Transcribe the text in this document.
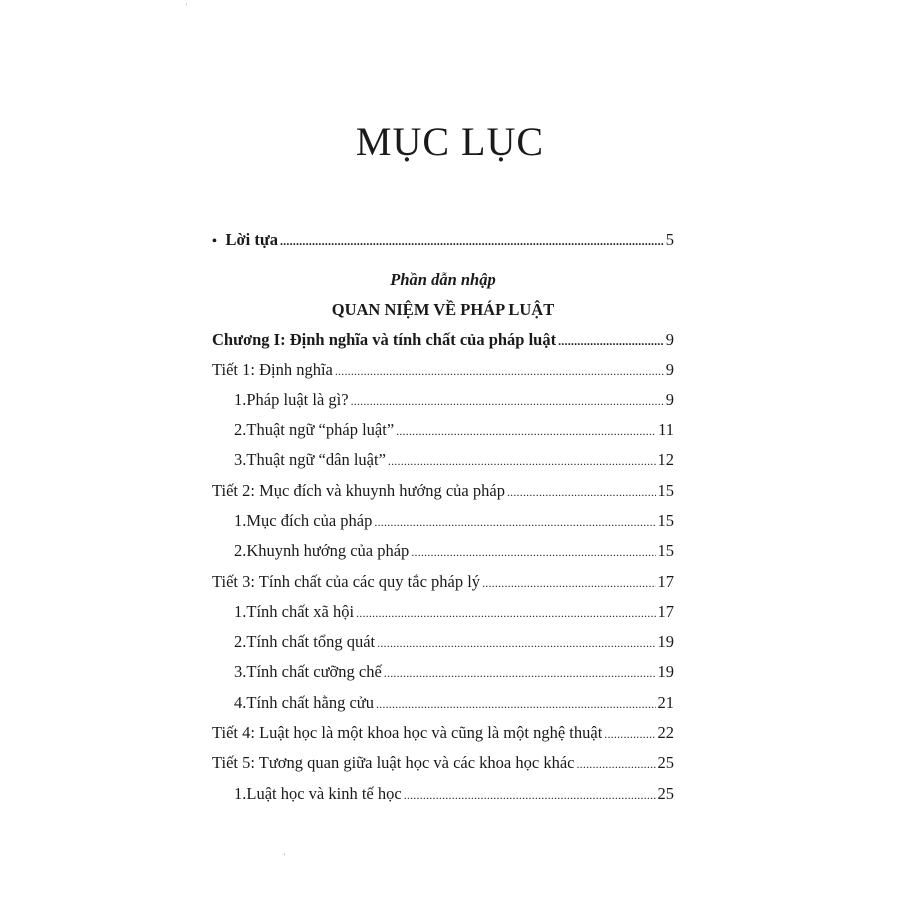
'
'
MỤC LỤC
• Lời tựa .....	5
Phần dẫn nhập
QUAN NIỆM VỀ PHÁP LUẬT
Chương I: Định nghĩa và tính chất của pháp luật .....	9
Tiết 1: Định nghĩa .....	9
1. Pháp luật là gì? .....	9
2. Thuật ngữ “pháp luật” .....	11
3. Thuật ngữ “dân luật” .....	12
Tiết 2: Mục đích và khuynh hướng của pháp .....	15
1. Mục đích của pháp .....	15
2. Khuynh hướng của pháp .....	15
Tiết 3: Tính chất của các quy tắc pháp lý .....	17
1. Tính chất xã hội .....	17
2. Tính chất tổng quát .....	19
3. Tính chất cưỡng chế .....	19
4. Tính chất hằng cửu .....	21
Tiết 4: Luật học là một khoa học và cũng là một nghệ thuật .....	22
Tiết 5: Tương quan giữa luật học và các khoa học khác .....	25
1. Luật học và kinh tế học .....	25
